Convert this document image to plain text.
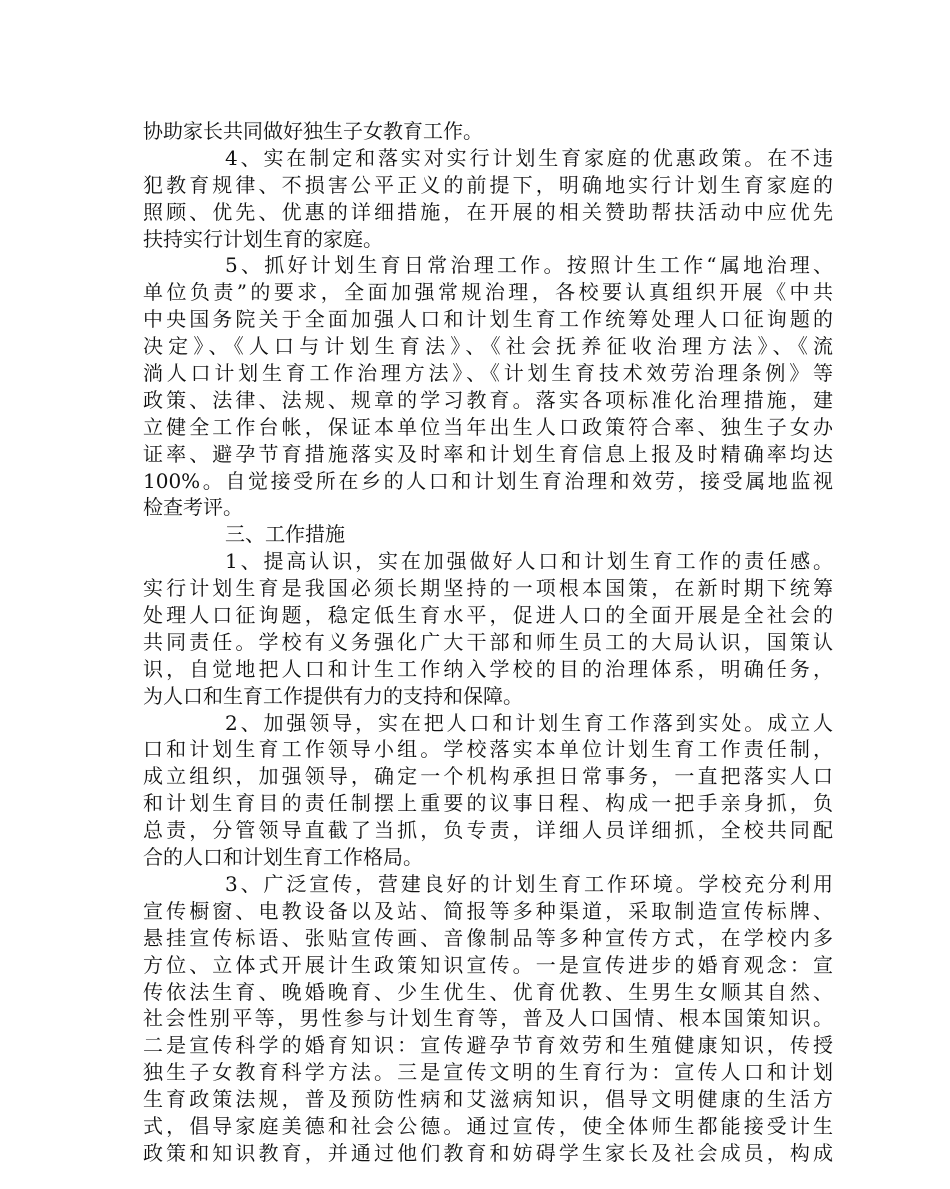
协助家长共同做好独生子女教育工作。
4、实在制定和落实对实行计划生育家庭的优惠政策。在不违
犯教育规律、不损害公平正义的前提下，明确地实行计划生育家庭的
照顾、优先、优惠的详细措施，在开展的相关赞助帮扶活动中应优先
扶持实行计划生育的家庭。
5、抓好计划生育日常治理工作。按照计生工作“属地治理、
单位负责”的要求，全面加强常规治理，各校要认真组织开展《中共
中央国务院关于全面加强人口和计划生育工作统筹处理人口征询题的
决定》、《人口与计划生育法》、《社会抚养征收治理方法》、《流
淌人口计划生育工作治理方法》、《计划生育技术效劳治理条例》等
政策、法律、法规、规章的学习教育。落实各项标准化治理措施，建
立健全工作台帐，保证本单位当年出生人口政策符合率、独生子女办
证率、避孕节育措施落实及时率和计划生育信息上报及时精确率均达
100%。自觉接受所在乡的人口和计划生育治理和效劳，接受属地监视
检查考评。
三、工作措施
1、提高认识，实在加强做好人口和计划生育工作的责任感。
实行计划生育是我国必须长期坚持的一项根本国策，在新时期下统筹
处理人口征询题，稳定低生育水平，促进人口的全面开展是全社会的
共同责任。学校有义务强化广大干部和师生员工的大局认识，国策认
识，自觉地把人口和计生工作纳入学校的目的治理体系，明确任务，
为人口和生育工作提供有力的支持和保障。
2、加强领导，实在把人口和计划生育工作落到实处。成立人
口和计划生育工作领导小组。学校落实本单位计划生育工作责任制，
成立组织，加强领导，确定一个机构承担日常事务，一直把落实人口
和计划生育目的责任制摆上重要的议事日程、构成一把手亲身抓，负
总责，分管领导直截了当抓，负专责，详细人员详细抓，全校共同配
合的人口和计划生育工作格局。
3、广泛宣传，营建良好的计划生育工作环境。学校充分利用
宣传橱窗、电教设备以及站、简报等多种渠道，采取制造宣传标牌、
悬挂宣传标语、张贴宣传画、音像制品等多种宣传方式，在学校内多
方位、立体式开展计生政策知识宣传。一是宣传进步的婚育观念：宣
传依法生育、晚婚晚育、少生优生、优育优教、生男生女顺其自然、
社会性别平等，男性参与计划生育等，普及人口国情、根本国策知识。
二是宣传科学的婚育知识：宣传避孕节育效劳和生殖健康知识，传授
独生子女教育科学方法。三是宣传文明的生育行为：宣传人口和计划
生育政策法规，普及预防性病和艾滋病知识，倡导文明健康的生活方
式，倡导家庭美德和社会公德。通过宣传，使全体师生都能接受计生
政策和知识教育，并通过他们教育和妨碍学生家长及社会成员，构成
